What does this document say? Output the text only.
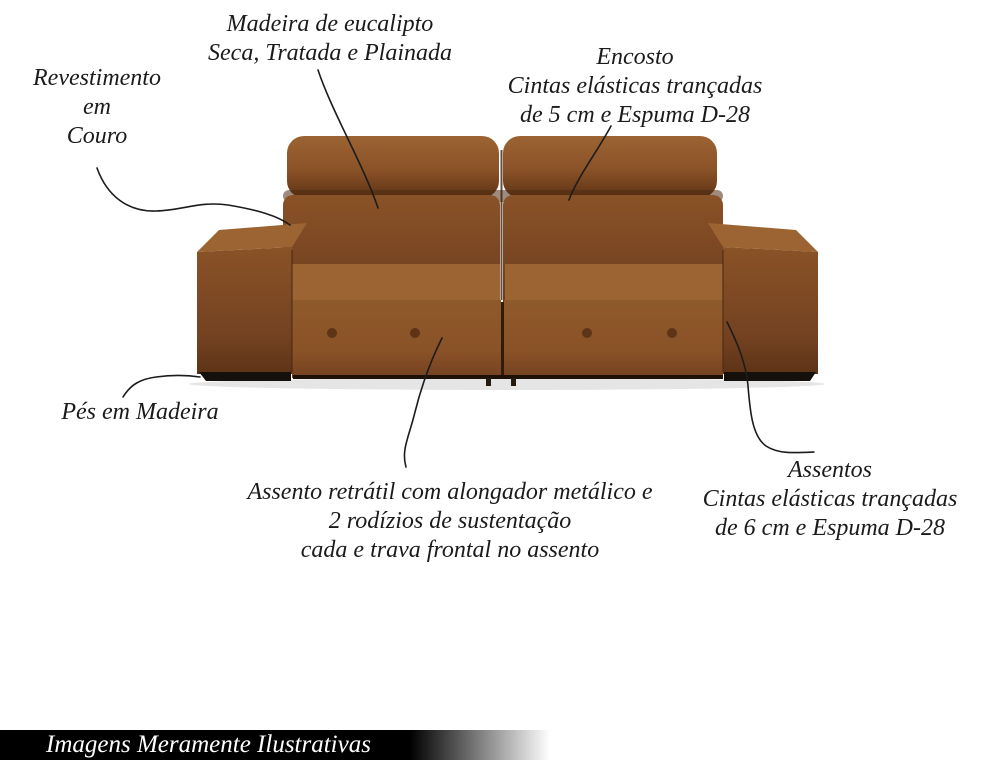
Madeira de eucalipto
Seca, Tratada e Plainada	Encosto
Cintas elásticas trançadas
de 5 cm e Espuma D-28
Revestimento
em
Couro
Pés em Madeira
Assento retrátil com alongador metálico e
2 rodízios de sustentação
cada e trava frontal no assento
Assentos
Cintas elásticas trançadas
de 6 cm e Espuma D-28
Imagens Meramente Ilustrativas
